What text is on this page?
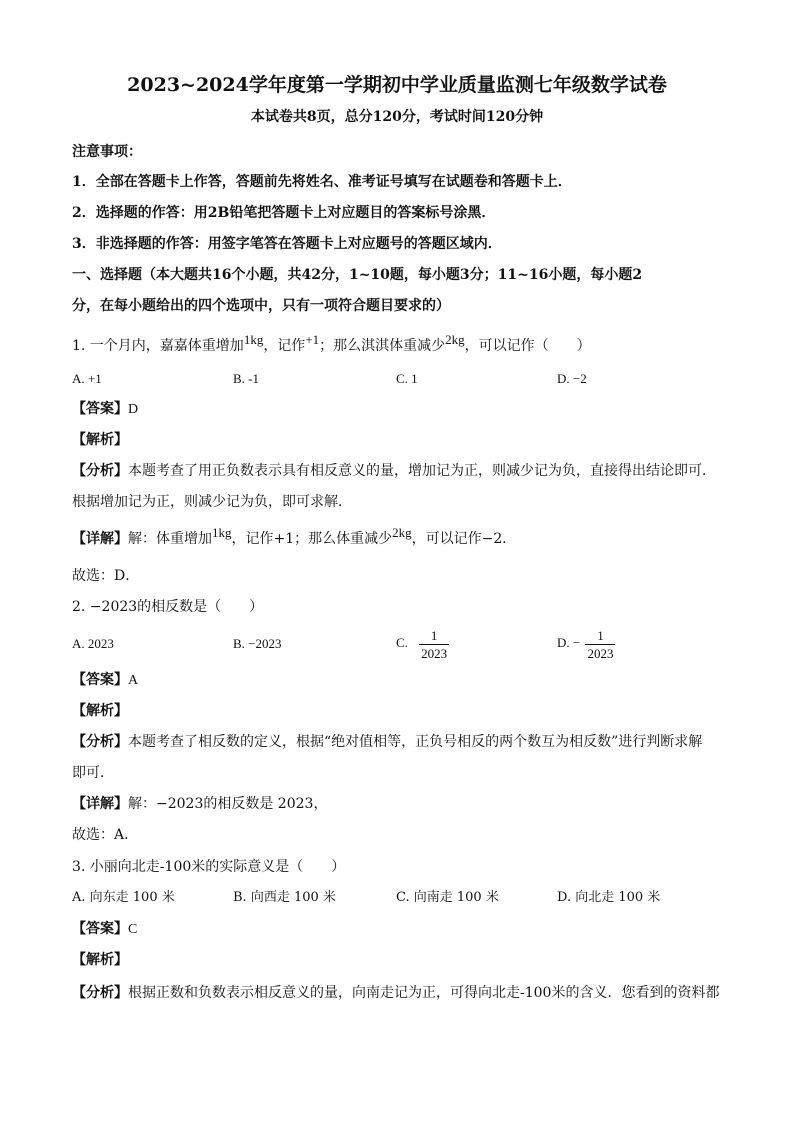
2023~2024学年度第一学期初中学业质量监测七年级数学试卷
本试卷共8页，总分120分，考试时间120分钟
注意事项：
1．全部在答题卡上作答，答题前先将姓名、准考证号填写在试题卷和答题卡上．
2．选择题的作答：用2B铅笔把答题卡上对应题目的答案标号涂黑．
3．非选择题的作答：用签字笔答在答题卡上对应题号的答题区域内．
一、选择题（本大题共16个小题，共42分，1~10题，每小题3分；11~16小题，每小题2
分，在每小题给出的四个选项中，只有一项符合题目要求的）
1. 一个月内，嘉嘉体重增加1kg，记作+1；那么淇淇体重减少2kg，可以记作（　　）
A. +1	B. -1	C. 1	D. −2
【答案】D
【解析】
【分析】本题考查了用正负数表示具有相反意义的量，增加记为正，则减少记为负，直接得出结论即可．
根据增加记为正，则减少记为负，即可求解．
【详解】解：体重增加1kg，记作+1；那么体重减少2kg，可以记作−2．
故选：D．
2. −2023的相反数是（　　）
A. 2023	B. −2023	C. $\frac{1}{2023}$	D. − $\frac{1}{2023}$
【答案】A
【解析】
【分析】本题考查了相反数的定义，根据“绝对值相等，正负号相反的两个数互为相反数”进行判断求解
即可．
【详解】解：−2023的相反数是 2023，
故选：A．
3. 小丽向北走-100米的实际意义是（　　）
A. 向东走 100 米	B. 向西走 100 米	C. 向南走 100 米	D. 向北走 100 米
【答案】C
【解析】
【分析】根据正数和负数表示相反意义的量，向南走记为正，可得向北走-100米的含义．您看到的资料都
